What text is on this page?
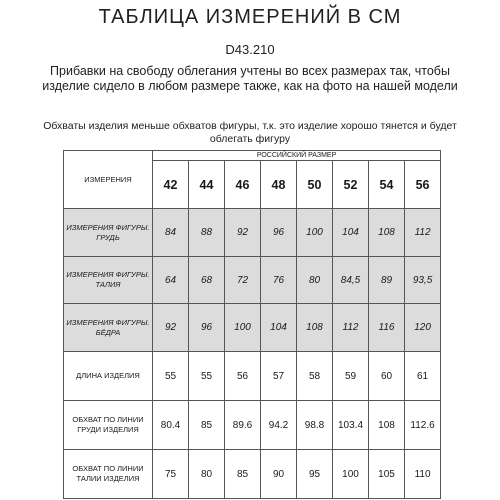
ТАБЛИЦА ИЗМЕРЕНИЙ В СМ
D43.210
Прибавки на свободу облегания учтены во всех размерах так, чтобы изделие сидело в любом размере также, как на фото на нашей модели
Обхваты изделия меньше обхватов фигуры, т.к. это изделие хорошо тянется и будет облегать фигуру
ИЗМЕРЕНИЯ	РОССИЙСКИЙ РАЗМЕР							
	42	44	46	48	50	52	54	56
ИЗМЕРЕНИЯ ФИГУРЫ. ГРУДЬ	84	88	92	96	100	104	108	112
ИЗМЕРЕНИЯ ФИГУРЫ. ТАЛИЯ	64	68	72	76	80	84,5	89	93,5
ИЗМЕРЕНИЯ ФИГУРЫ. БЁДРА	92	96	100	104	108	112	116	120
ДЛИНА ИЗДЕЛИЯ	55	55	56	57	58	59	60	61
ОБХВАТ ПО ЛИНИИ ГРУДИ ИЗДЕЛИЯ	80.4	85	89.6	94.2	98.8	103.4	108	112.6
ОБХВАТ ПО ЛИНИИ ТАЛИИ ИЗДЕЛИЯ	75	80	85	90	95	100	105	110
